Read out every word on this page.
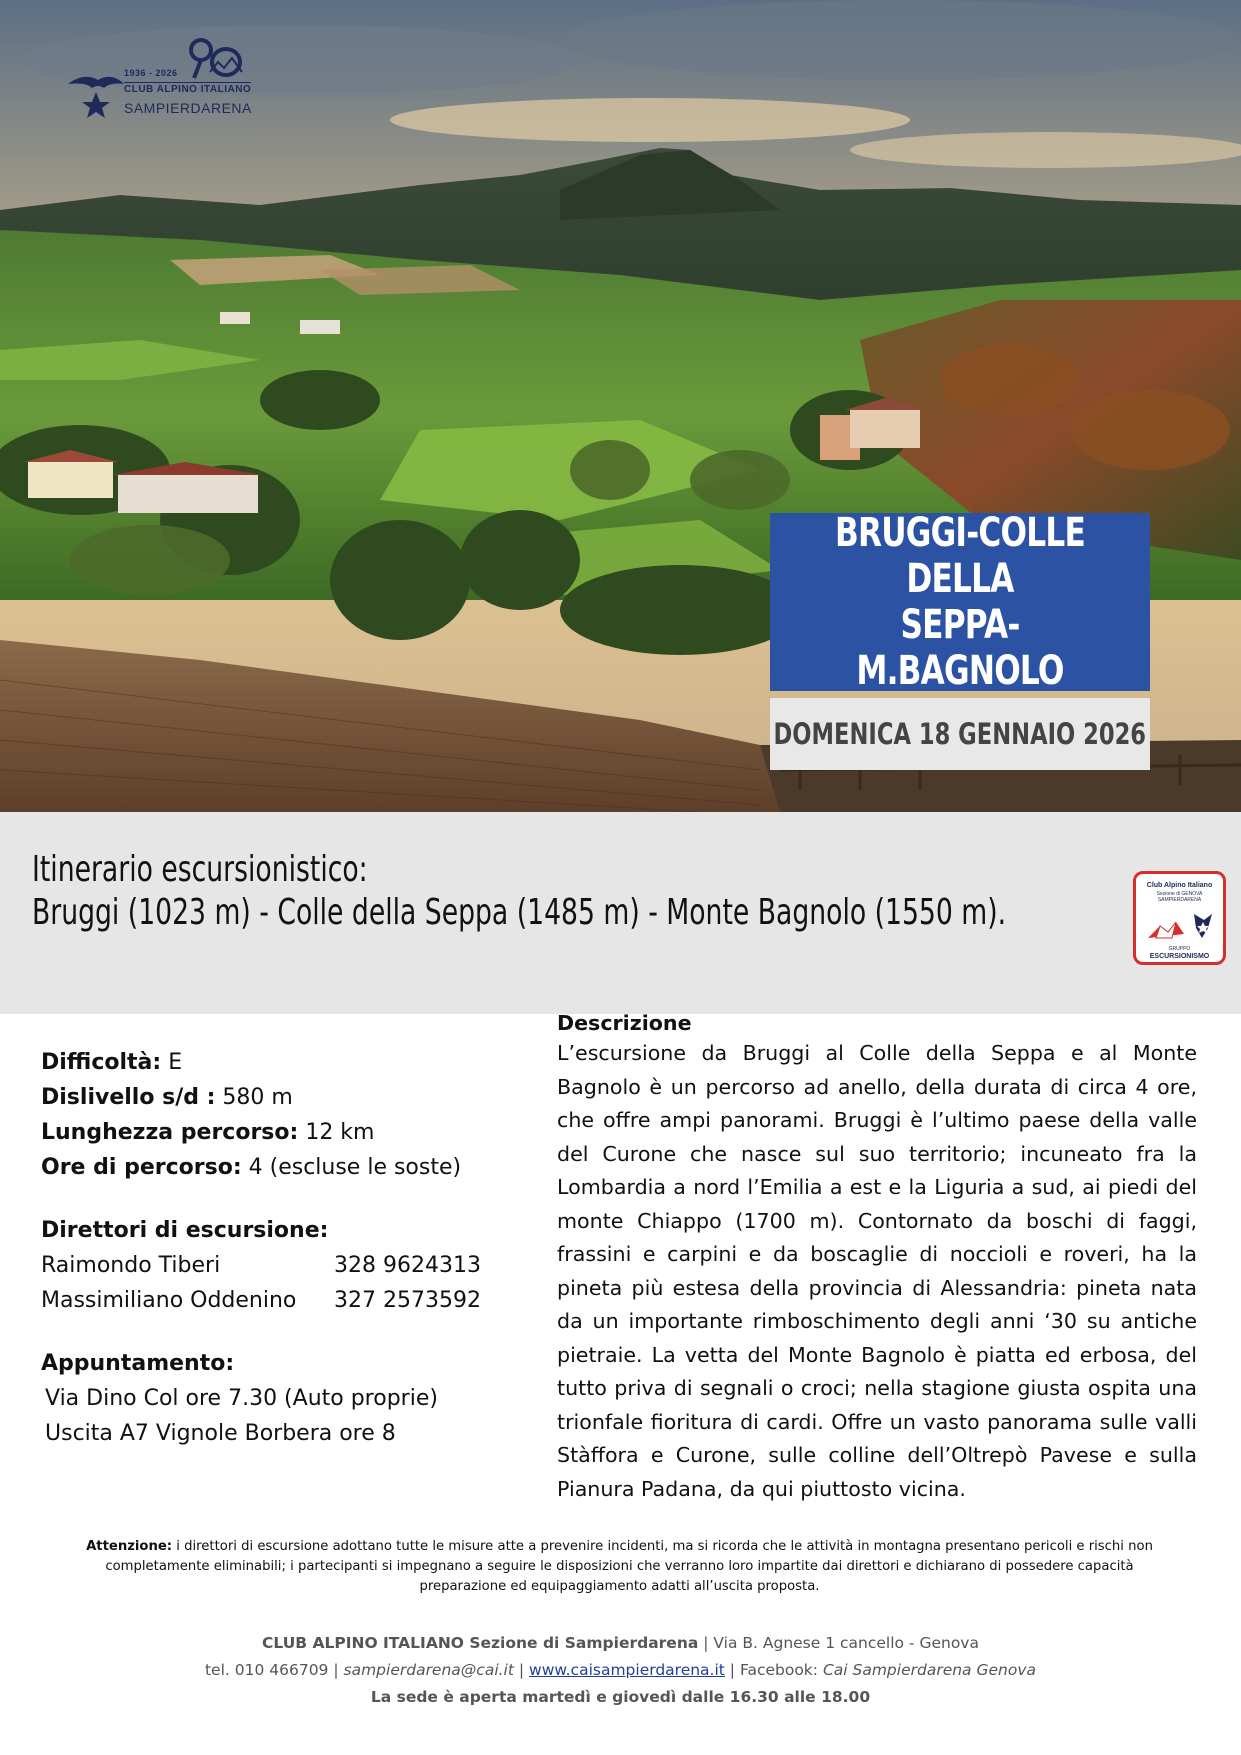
1936 - 2026
CLUB ALPINO ITALIANO
SAMPIERDARENA
BRUGGI-COLLE DELLA
SEPPA-M.BAGNOLO
DOMENICA 18 GENNAIO 2026
Itinerario escursionistico:
Bruggi (1023 m) - Colle della Seppa (1485 m) - Monte Bagnolo (1550 m).
Club Alpino Italiano
Sezione di GENOVA SAMPIERDARENA
GRUPPO
ESCURSIONISMO
Difficoltà: E
Dislivello s/d : 580 m
Lunghezza percorso: 12 km
Ore di percorso: 4 (escluse le soste)
Direttori di escursione:
Raimondo Tiberi	328 9624313
Massimiliano Oddenino	327 2573592
Appuntamento:
Via Dino Col ore 7.30 (Auto proprie)
Uscita A7 Vignole Borbera ore 8
Descrizione
L’escursione da Bruggi al Colle della Seppa e al Monte Bagnolo è un percorso ad anello, della durata di circa 4 ore, che offre ampi panorami. Bruggi è l’ultimo paese della valle del Curone che nasce sul suo territorio; incuneato fra la Lombardia a nord l’Emilia a est e la Liguria a sud, ai piedi del monte Chiappo (1700 m). Contornato da boschi di faggi, frassini e carpini e da boscaglie di noccioli e roveri, ha la pineta più estesa della provincia di Alessandria: pineta nata da un importante rimboschimento degli anni ‘30 su antiche pietraie. La vetta del Monte Bagnolo è piatta ed erbosa, del tutto priva di segnali o croci; nella stagione giusta ospita una trionfale fioritura di cardi. Offre un vasto panorama sulle valli Stàffora e Curone, sulle colline dell’Oltrepò Pavese e sulla Pianura Padana, da qui piuttosto vicina.
Attenzione: i direttori di escursione adottano tutte le misure atte a prevenire incidenti, ma si ricorda che le attività in montagna presentano pericoli e rischi non completamente eliminabili; i partecipanti si impegnano a seguire le disposizioni che verranno loro impartite dai direttori e dichiarano di possedere capacità preparazione ed equipaggiamento adatti all’uscita proposta.
CLUB ALPINO ITALIANO Sezione di Sampierdarena | Via B. Agnese 1 cancello - Genova
tel. 010 466709 | sampierdarena@cai.it | www.caisampierdarena.it | Facebook: Cai Sampierdarena Genova
La sede è aperta martedì e giovedì dalle 16.30 alle 18.00
